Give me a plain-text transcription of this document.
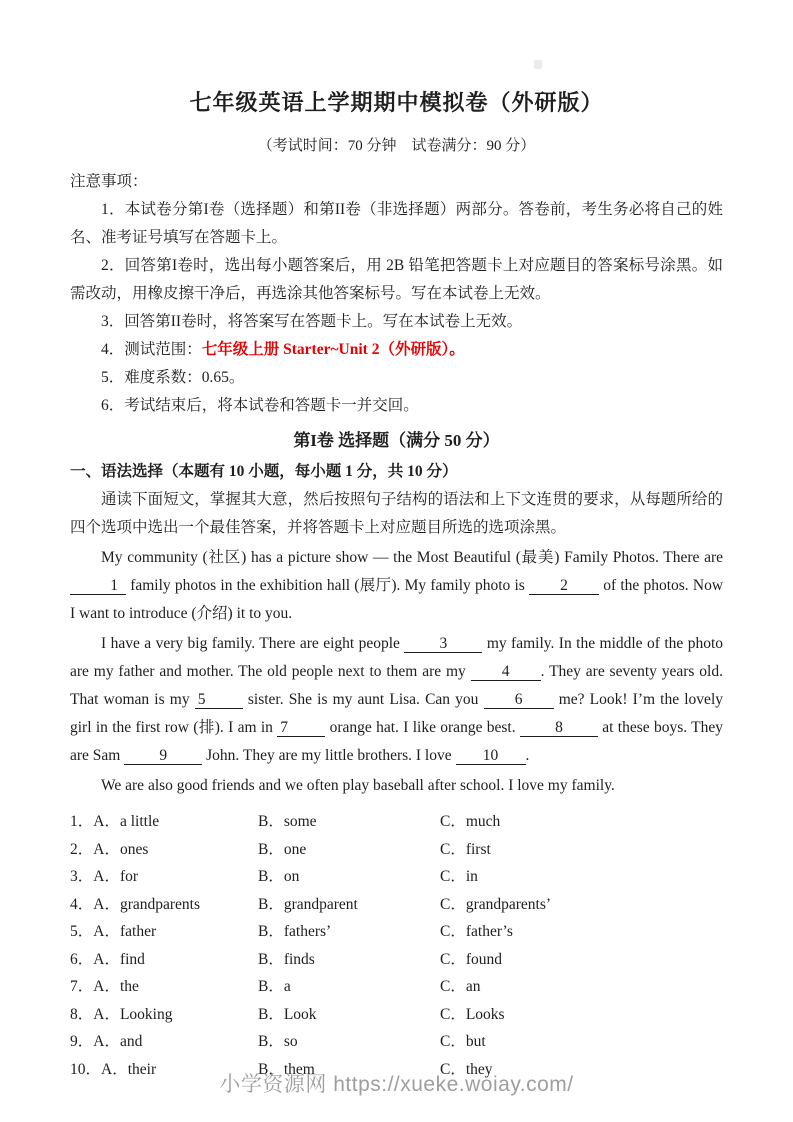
七年级英语上学期期中模拟卷（外研版）

（考试时间：70 分钟　试卷满分：90 分）

注意事项：

1．本试卷分第I卷（选择题）和第II卷（非选择题）两部分。答卷前，考生务必将自己的姓名、准考证号填写在答题卡上。

2．回答第I卷时，选出每小题答案后，用 2B 铅笔把答题卡上对应题目的答案标号涂黑。如需改动，用橡皮擦干净后，再选涂其他答案标号。写在本试卷上无效。

3．回答第II卷时，将答案写在答题卡上。写在本试卷上无效。

4．测试范围：七年级上册 Starter~Unit 2（外研版）。

5．难度系数：0.65。

6．考试结束后，将本试卷和答题卡一并交回。

第I卷 选择题（满分 50 分）

一、语法选择（本题有 10 小题，每小题 1 分，共 10 分）

通读下面短文，掌握其大意，然后按照句子结构的语法和上下文连贯的要求，从每题所给的四个选项中选出一个最佳答案，并将答题卡上对应题目所选的选项涂黑。

My community (社区) has a picture show — the Most Beautiful (最美) Family Photos. There are 1 family photos in the exhibition hall (展厅). My family photo is 2 of the photos. Now I want to introduce (介绍) it to you.

I have a very big family. There are eight people	3	my family. In the middle of the photo are my father and mother. The old people next to them are my 4 . They are seventy years old. That woman is my 5	sister. She is my aunt Lisa. Can you 6 me? Look! I’m the lovely girl in the first row (排). I am in 7	orange hat. I like orange best.	8	at these boys. They are Sam	9	John. They are my little brothers. I love 10 .

We are also good friends and we often play baseball after school. I love my family.

1．A．a little	B．some	C．much
2．A．ones	B．one	C．first
3．A．for	B．on	C．in
4．A．grandparents	B．grandparent	C．grandparents’
5．A．father	B．fathers’	C．father’s
6．A．find	B．finds	C．found
7．A．the	B．a	C．an
8．A．Looking	B．Look	C．Looks
9．A．and	B．so	C．but
10．A．their	B．them	C．they
小学资源网 https://xueke.woiay.com/
